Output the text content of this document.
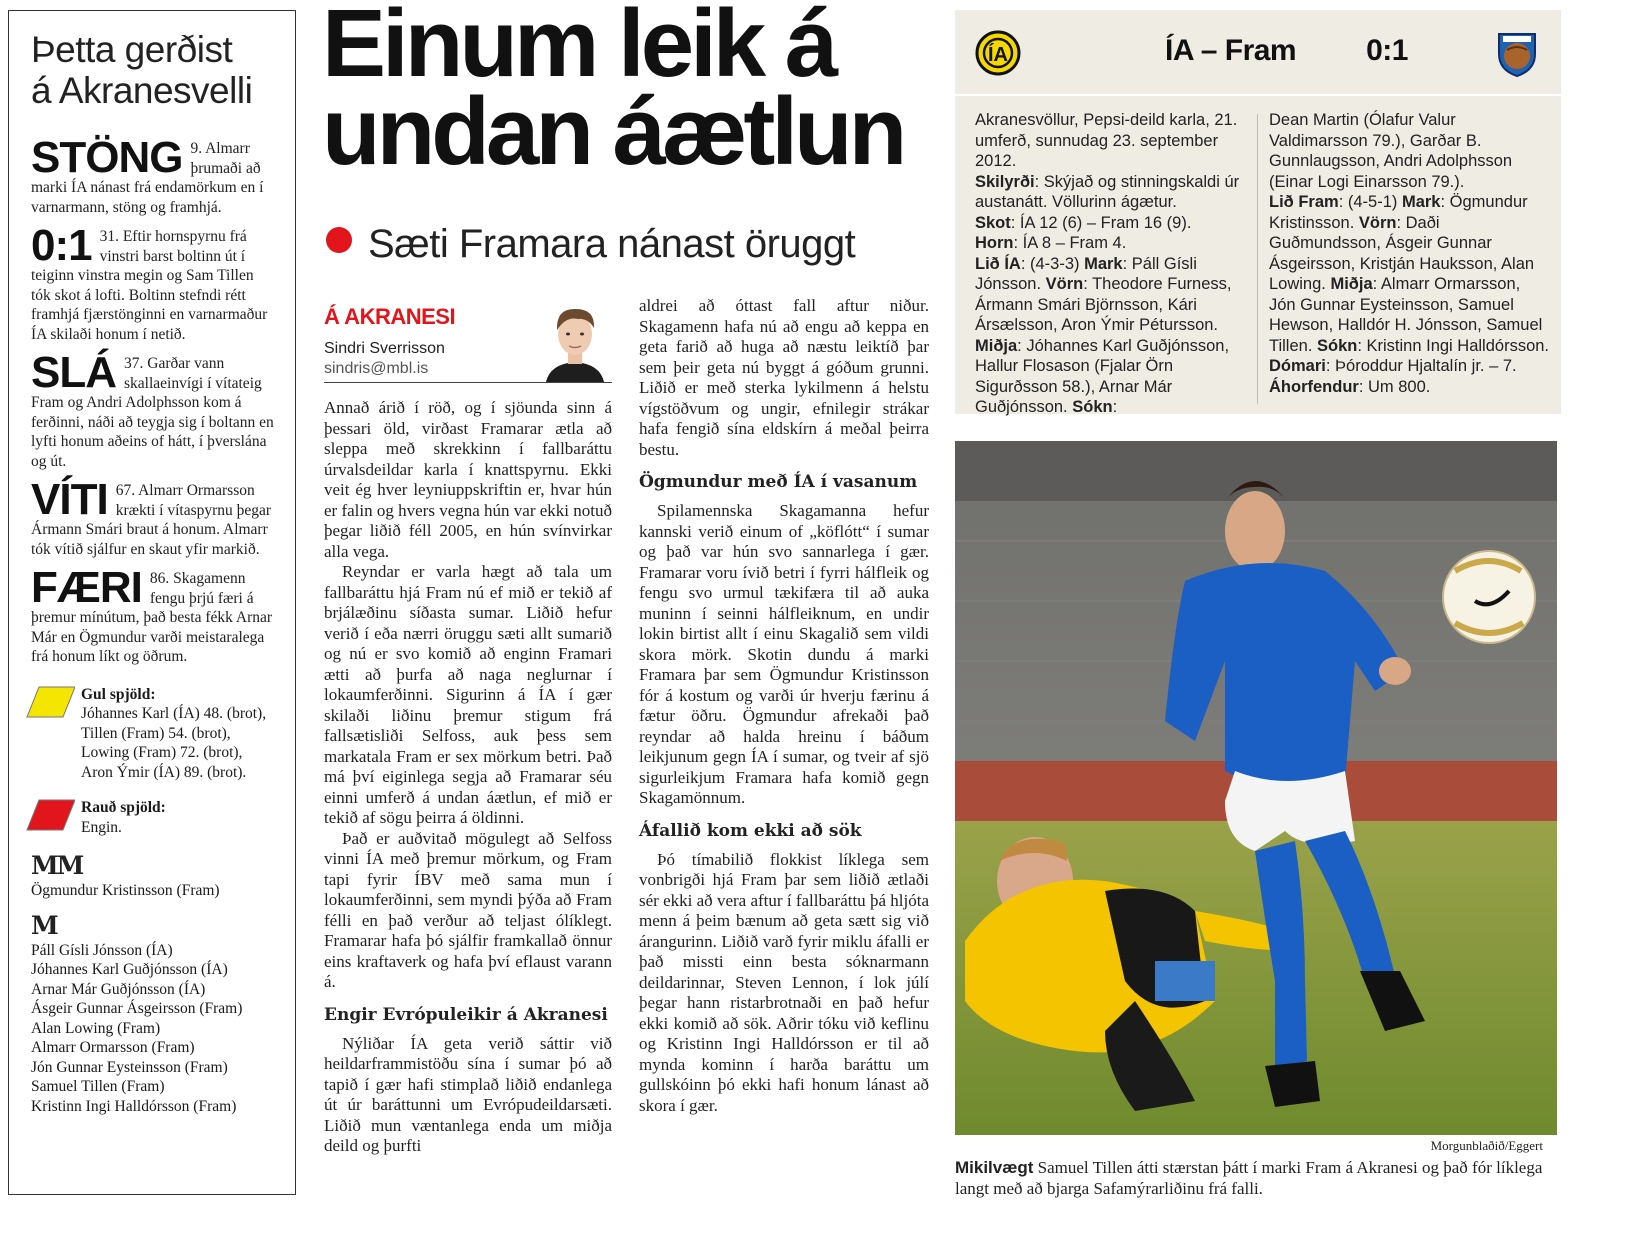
Þetta gerðist
á Akranesvelli
STÖNG 9. Almarr þrumaði að marki ÍA nánast frá endamörkum en í varnarmann, stöng og framhjá.
0:1 31. Eftir hornspyrnu frá vinstri barst boltinn út í teiginn vinstra megin og Sam Tillen tók skot á lofti. Boltinn stefndi rétt framhjá fjærstönginni en varnarmaður ÍA skilaði honum í netið.
SLÁ 37. Garðar vann skallaeinvígi í vítateig Fram og Andri Adolphsson kom á ferðinni, náði að teygja sig í boltann en lyfti honum aðeins of hátt, í þverslána og út.
VÍTI 67. Almarr Ormarsson krækti í vítaspyrnu þegar Ármann Smári braut á honum. Almarr tók vítið sjálfur en skaut yfir markið.
FÆRI 86. Skagamenn fengu þrjú færi á þremur mínútum, það besta fékk Arnar Már en Ögmundur varði meistaralega frá honum líkt og öðrum.
Gul spjöld:
Jóhannes Karl (ÍA) 48. (brot), Tillen (Fram) 54. (brot), Lowing (Fram) 72. (brot), Aron Ýmir (ÍA) 89. (brot).
Rauð spjöld:
Engin.
MM
Ögmundur Kristinsson (Fram)
M
Páll Gísli Jónsson (ÍA)
Jóhannes Karl Guðjónsson (ÍA)
Arnar Már Guðjónsson (ÍA)
Ásgeir Gunnar Ásgeirsson (Fram)
Alan Lowing (Fram)
Almarr Ormarsson (Fram)
Jón Gunnar Eysteinsson (Fram)
Samuel Tillen (Fram)
Kristinn Ingi Halldórsson (Fram)
Einum leik á
undan áætlun
Sæti Framara nánast öruggt
Á AKRANESI
Sindri Sverrisson
sindris@mbl.is

Annað árið í röð, og í sjöunda sinn á þessari öld, virðast Framarar ætla að sleppa með skrekkinn í fallbaráttu úrvalsdeildar karla í knattspyrnu. Ekki veit ég hver leyniuppskriftin er, hvar hún er falin og hvers vegna hún var ekki notuð þegar liðið féll 2005, en hún svínvirkar alla vega.

Reyndar er varla hægt að tala um fallbaráttu hjá Fram nú ef mið er tekið af brjálæðinu síðasta sumar. Liðið hefur verið í eða nærri öruggu sæti allt sumarið og nú er svo komið að enginn Framari ætti að þurfa að naga neglurnar í lokaumferðinni. Sigurinn á ÍA í gær skilaði liðinu þremur stigum frá fallsætisliði Selfoss, auk þess sem markatala Fram er sex mörkum betri. Það má því eiginlega segja að Framarar séu einni umferð á undan áætlun, ef mið er tekið af sögu þeirra á öldinni.

Það er auðvitað mögulegt að Selfoss vinni ÍA með þremur mörkum, og Fram tapi fyrir ÍBV með sama mun í lokaumferðinni, sem myndi þýða að Fram félli en það verður að teljast ólíklegt. Framarar hafa þó sjálfir framkallað önnur eins kraftaverk og hafa því eflaust varann á.

Engir Evrópuleikir á Akranesi

Nýliðar ÍA geta verið sáttir við heildarframmistöðu sína í sumar þó að tapið í gær hafi stimplað liðið endanlega út úr baráttunni um Evrópudeildarsæti. Liðið mun væntanlega enda um miðja deild og þurfti

aldrei að óttast fall aftur niður. Skagamenn hafa nú að engu að keppa en geta farið að huga að næstu leiktíð þar sem þeir geta nú byggt á góðum grunni. Liðið er með sterka lykilmenn á helstu vígstöðvum og ungir, efnilegir strákar hafa fengið sína eldskírn á meðal þeirra bestu.

Ögmundur með ÍA í vasanum

Spilamennska Skagamanna hefur kannski verið einum of „köflótt“ í sumar og það var hún svo sannarlega í gær. Framarar voru ívið betri í fyrri hálfleik og fengu svo urmul tækifæra til að auka muninn í seinni hálfleiknum, en undir lokin birtist allt í einu Skagalið sem vildi skora mörk. Skotin dundu á marki Framara þar sem Ögmundur Kristinsson fór á kostum og varði úr hverju færinu á fætur öðru. Ögmundur afrekaði það reyndar að halda hreinu í báðum leikjunum gegn ÍA í sumar, og tveir af sjö sigurleikjum Framara hafa komið gegn Skagamönnum.

Áfallið kom ekki að sök

Þó tímabilið flokkist líklega sem vonbrigði hjá Fram þar sem liðið ætlaði sér ekki að vera aftur í fallbaráttu þá hljóta menn á þeim bænum að geta sætt sig við árangurinn. Liðið varð fyrir miklu áfalli er það missti einn besta sóknarmann deildarinnar, Steven Lennon, í lok júlí þegar hann ristarbrotnaði en það hefur ekki komið að sök. Aðrir tóku við keflinu og Kristinn Ingi Halldórsson er til að mynda kominn í harða baráttu um gullskóinn þó ekki hafi honum lánast að skora í gær.

ÍA	ÍA – Fram 0:1
Akranesvöllur, Pepsi-deild karla, 21. umferð, sunnudag 23. september 2012.
Skilyrði: Skýjað og stinningskaldi úr austanátt. Völlurinn ágætur.
Skot: ÍA 12 (6) – Fram 16 (9).
Horn: ÍA 8 – Fram 4.
Lið ÍA: (4-3-3) Mark: Páll Gísli Jónsson. Vörn: Theodore Furness, Ármann Smári Björnsson, Kári Ársælsson, Aron Ýmir Pétursson. Miðja: Jóhannes Karl Guðjónsson, Hallur Flosason (Fjalar Örn Sigurðsson 58.), Arnar Már Guðjónsson. Sókn:
Dean Martin (Ólafur Valur Valdimarsson 79.), Garðar B. Gunnlaugsson, Andri Adolphsson (Einar Logi Einarsson 79.).
Lið Fram: (4-5-1) Mark: Ögmundur Kristinsson. Vörn: Daði Guðmundsson, Ásgeir Gunnar Ásgeirsson, Kristján Hauksson, Alan Lowing. Miðja: Almarr Ormarsson, Jón Gunnar Eysteinsson, Samuel Hewson, Halldór H. Jónsson, Samuel Tillen. Sókn: Kristinn Ingi Halldórsson.
Dómari: Þóroddur Hjaltalín jr. – 7.
Áhorfendur: Um 800.
Morgunblaðið/Eggert
Mikilvægt Samuel Tillen átti stærstan þátt í marki Fram á Akranesi og það fór líklega langt með að bjarga Safamýrarliðinu frá falli.
